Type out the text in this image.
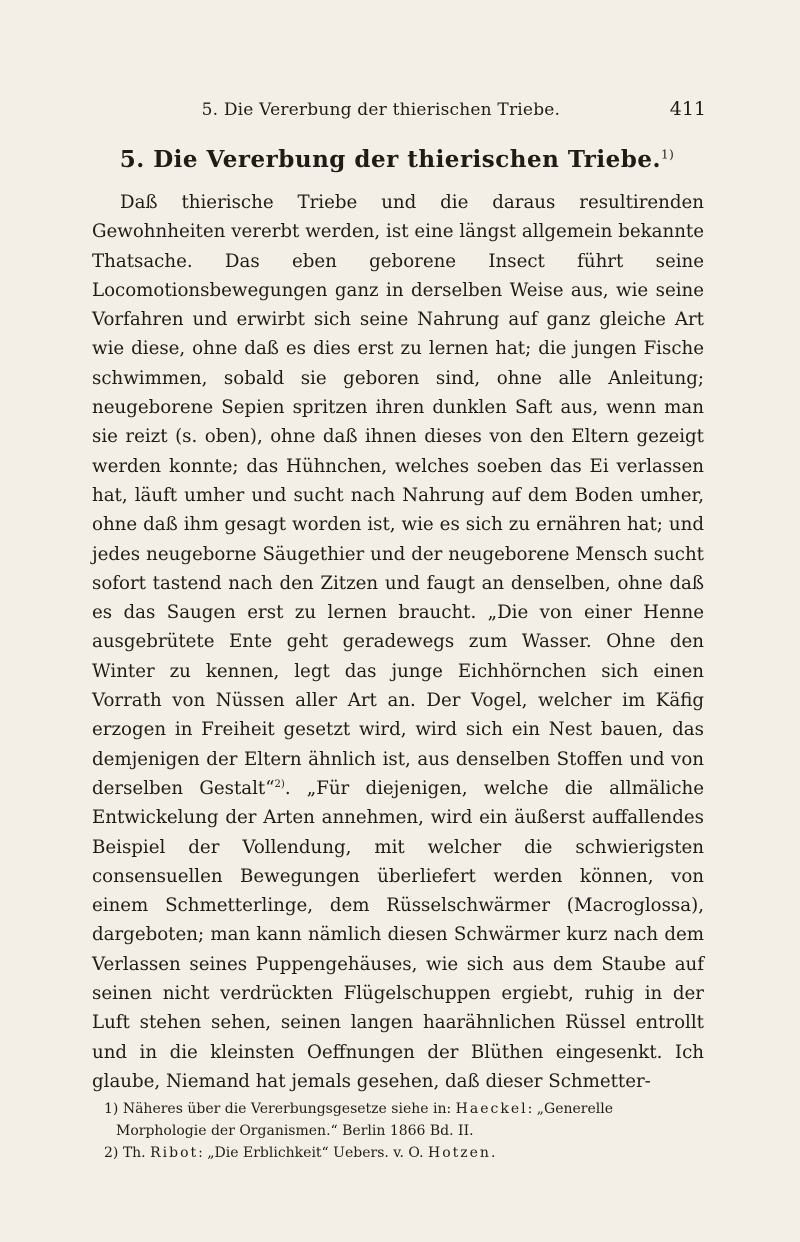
5. Die Vererbung der thierischen Triebe.	411
5. Die Vererbung der thierischen Triebe.$^{1)}$

Daß thierische Triebe und die daraus resultirenden Gewohnheiten vererbt werden, ist eine längst allgemein bekannte Thatsache. Das eben geborene Insect führt seine Locomotionsbewegungen ganz in derselben Weise aus, wie seine Vorfahren und erwirbt sich seine Nahrung auf ganz gleiche Art wie diese, ohne daß es dies erst zu lernen hat; die jungen Fische schwimmen, sobald sie geboren sind, ohne alle Anleitung; neugeborene Sepien spritzen ihren dunklen Saft aus, wenn man sie reizt (s. oben), ohne daß ihnen dieses von den Eltern gezeigt werden konnte; das Hühnchen, welches soeben das Ei verlassen hat, läuft umher und sucht nach Nahrung auf dem Boden umher, ohne daß ihm gesagt worden ist, wie es sich zu ernähren hat; und jedes neugeborne Säugethier und der neugeborene Mensch sucht sofort tastend nach den Zitzen und faugt an denselben, ohne daß es das Saugen erst zu lernen braucht. „Die von einer Henne ausgebrütete Ente geht geradewegs zum Wasser. Ohne den Winter zu kennen, legt das junge Eichhörnchen sich einen Vorrath von Nüssen aller Art an. Der Vogel, welcher im Käfig erzogen in Freiheit gesetzt wird, wird sich ein Nest bauen, das demjenigen der Eltern ähnlich ist, aus denselben Stoffen und von derselben Gestalt“$^{2)}$. „Für diejenigen, welche die allmäliche Entwickelung der Arten annehmen, wird ein äußerst auffallendes Beispiel der Vollendung, mit welcher die schwierigsten consensuellen Bewegungen überliefert werden können, von einem Schmetterlinge, dem Rüsselschwärmer (Macroglossa), dargeboten; man kann nämlich diesen Schwärmer kurz nach dem Verlassen seines Puppengehäuses, wie sich aus dem Staube auf seinen nicht verdrückten Flügelschuppen ergiebt, ruhig in der Luft stehen sehen, seinen langen haarähnlichen Rüssel entrollt und in die kleinsten Oeffnungen der Blüthen eingesenkt. Ich glaube, Niemand hat jemals gesehen, daß dieser Schmetter-

1) Näheres über die Vererbungsgesetze siehe in: Haeckel: „Generelle Morphologie der Organismen.“ Berlin 1866 Bd. II.
2) Th. Ribot: „Die Erblichkeit“ Uebers. v. O. Hotzen.
